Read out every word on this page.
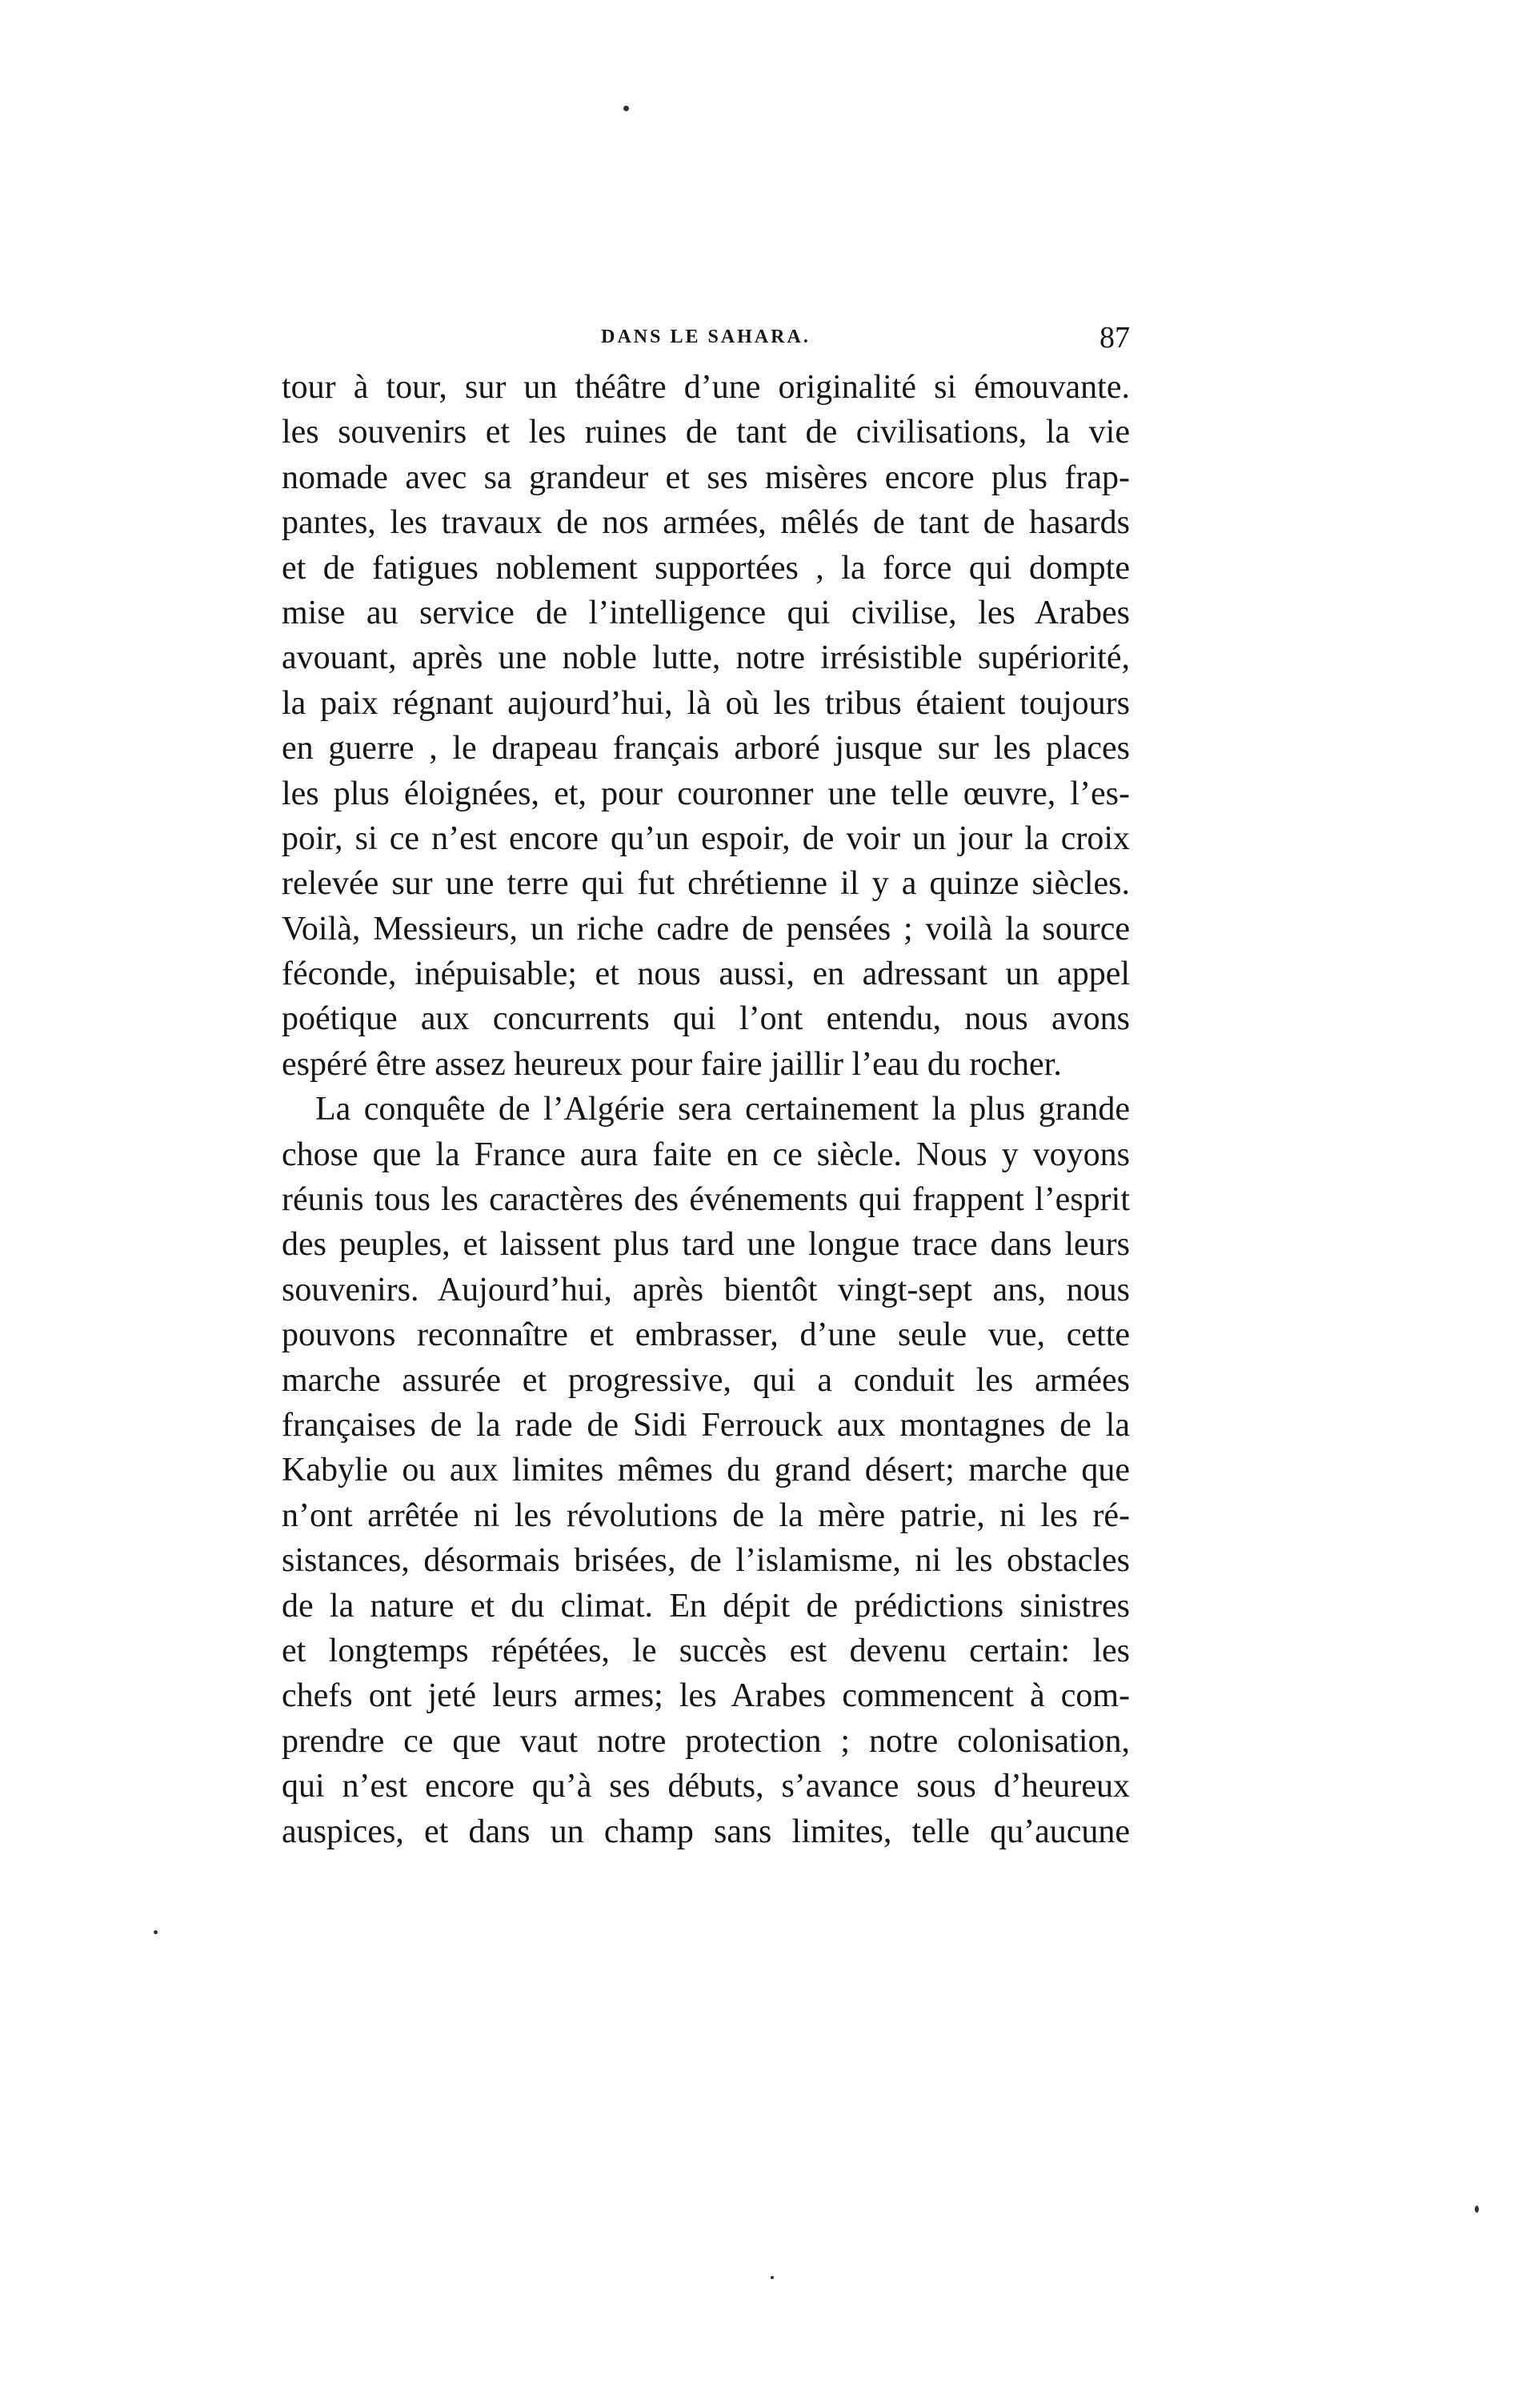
DANS LE SAHARA.	87
tour à tour, sur un théâtre d’une originalité si émouvante.
les souvenirs et les ruines de tant de civilisations, la vie
nomade avec sa grandeur et ses misères encore plus frap-
pantes, les travaux de nos armées, mêlés de tant de hasards
et de fatigues noblement supportées , la force qui dompte
mise au service de l’intelligence qui civilise, les Arabes
avouant, après une noble lutte, notre irrésistible supériorité,
la paix régnant aujourd’hui, là où les tribus étaient toujours
en guerre , le drapeau français arboré jusque sur les places
les plus éloignées, et, pour couronner une telle œuvre, l’es-
poir, si ce n’est encore qu’un espoir, de voir un jour la croix
relevée sur une terre qui fut chrétienne il y a quinze siècles.
Voilà, Messieurs, un riche cadre de pensées ; voilà la source
féconde, inépuisable; et nous aussi, en adressant un appel
poétique aux concurrents qui l’ont entendu, nous avons
espéré être assez heureux pour faire jaillir l’eau du rocher.
La conquête de l’Algérie sera certainement la plus grande
chose que la France aura faite en ce siècle. Nous y voyons
réunis tous les caractères des événements qui frappent l’esprit
des peuples, et laissent plus tard une longue trace dans leurs
souvenirs. Aujourd’hui, après bientôt vingt-sept ans, nous
pouvons reconnaître et embrasser, d’une seule vue, cette
marche assurée et progressive, qui a conduit les armées
françaises de la rade de Sidi Ferrouck aux montagnes de la
Kabylie ou aux limites mêmes du grand désert; marche que
n’ont arrêtée ni les révolutions de la mère patrie, ni les ré-
sistances, désormais brisées, de l’islamisme, ni les obstacles
de la nature et du climat. En dépit de prédictions sinistres
et longtemps répétées, le succès est devenu certain: les
chefs ont jeté leurs armes; les Arabes commencent à com-
prendre ce que vaut notre protection ; notre colonisation,
qui n’est encore qu’à ses débuts, s’avance sous d’heureux
auspices, et dans un champ sans limites, telle qu’aucune
